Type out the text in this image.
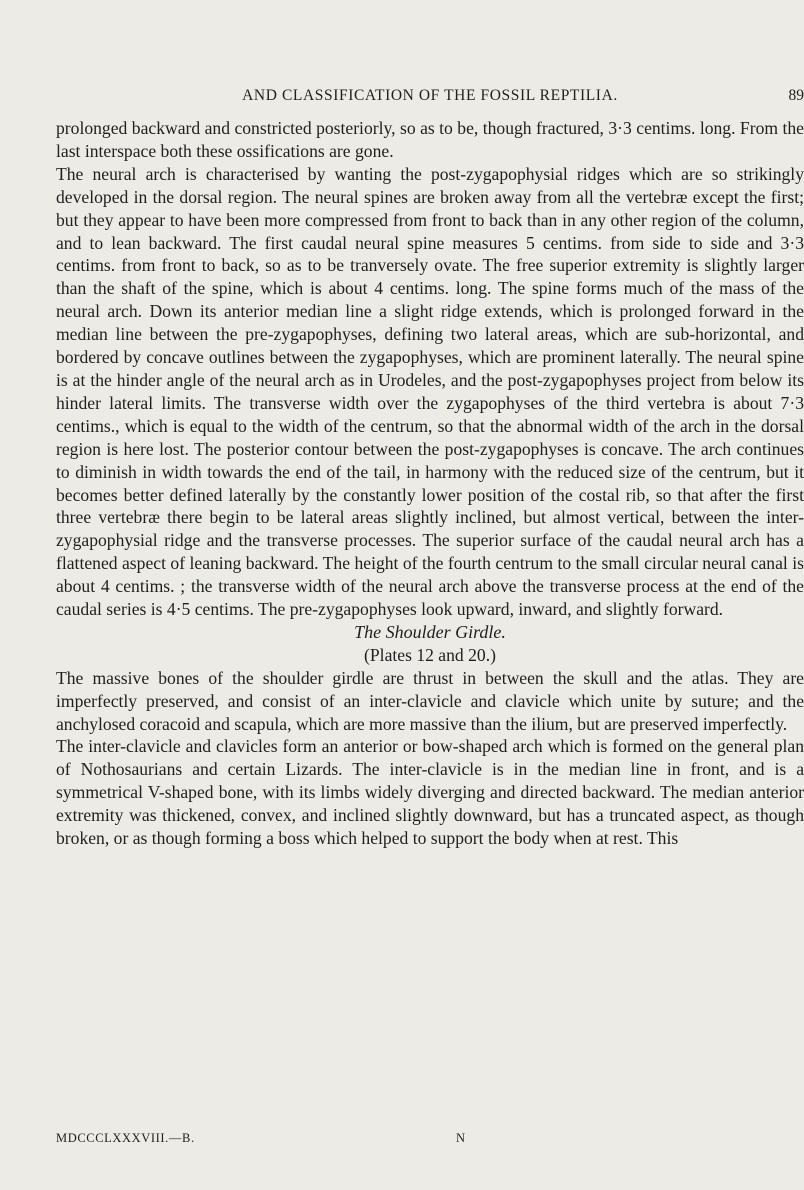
AND CLASSIFICATION OF THE FOSSIL REPTILIA.	89

prolonged backward and constricted posteriorly, so as to be, though fractured, 3·3 centims. long. From the last interspace both these ossifications are gone.

The neural arch is characterised by wanting the post-zygapophysial ridges which are so strikingly developed in the dorsal region. The neural spines are broken away from all the vertebræ except the first; but they appear to have been more compressed from front to back than in any other region of the column, and to lean backward. The first caudal neural spine measures 5 centims. from side to side and 3·3 centims. from front to back, so as to be tranversely ovate. The free superior extremity is slightly larger than the shaft of the spine, which is about 4 centims. long. The spine forms much of the mass of the neural arch. Down its anterior median line a slight ridge extends, which is prolonged forward in the median line between the pre-zygapophyses, defining two lateral areas, which are sub-horizontal, and bordered by concave outlines between the zygapophyses, which are prominent laterally. The neural spine is at the hinder angle of the neural arch as in Urodeles, and the post-zygapophyses project from below its hinder lateral limits. The transverse width over the zygapophyses of the third vertebra is about 7·3 centims., which is equal to the width of the centrum, so that the abnormal width of the arch in the dorsal region is here lost. The posterior contour between the post-zygapophyses is concave. The arch continues to diminish in width towards the end of the tail, in harmony with the reduced size of the centrum, but it becomes better defined laterally by the constantly lower position of the costal rib, so that after the first three vertebræ there begin to be lateral areas slightly inclined, but almost vertical, between the inter-zygapophysial ridge and the transverse processes. The superior surface of the caudal neural arch has a flattened aspect of leaning backward. The height of the fourth centrum to the small circular neural canal is about 4 centims. ; the transverse width of the neural arch above the transverse process at the end of the caudal series is 4·5 centims. The pre-zygapophyses look upward, inward, and slightly forward.

The Shoulder Girdle.

(Plates 12 and 20.)

The massive bones of the shoulder girdle are thrust in between the skull and the atlas. They are imperfectly preserved, and consist of an inter-clavicle and clavicle which unite by suture; and the anchylosed coracoid and scapula, which are more massive than the ilium, but are preserved imperfectly.

The inter-clavicle and clavicles form an anterior or bow-shaped arch which is formed on the general plan of Nothosaurians and certain Lizards. The inter-clavicle is in the median line in front, and is a symmetrical V-shaped bone, with its limbs widely diverging and directed backward. The median anterior extremity was thickened, convex, and inclined slightly downward, but has a truncated aspect, as though broken, or as though forming a boss which helped to support the body when at rest. This

MDCCCLXXXVIII.—B.	N
